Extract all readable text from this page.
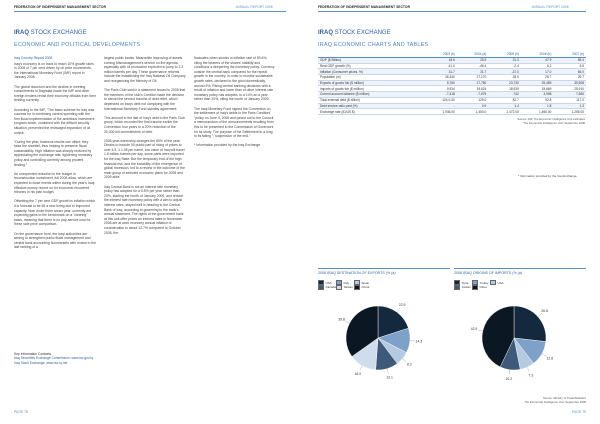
FEDERATION OF INDEPENDENT MANAGEMENT SECTOR	ANNUAL REPORT 2008
IRAQ STOCK EXCHANGE
ECONOMIC AND POLITICAL DEVELOPMENTS

Iraq Country Report 2008

Iraq's economy is on track to reach 10% growth rates in 2008 of 7 per cent driven by oil price movements, the International Monetary Fund (IMF) report in January 2008.

The global downturn and the decline in meeting commitments in Baghdad made the IMF and other foreign lenders revisit their economy officials from their lending currently.

According to the IMF, "The basic scheme for Iraq was success for in combining current spending with the firm fiscal implementation of the ambitious investment program which, combined with the difficult security situation, prevented the envisaged expansion of oil output.

"During the year, business results can offset; they raise the shortfall, thus helping to preserve fiscal sustainability. High inflation was sharply reduced by appreciating the exchange rate, tightening monetary policy and controlling currently among prudent lending."

An unexpected reduction in the budget in reconstruction investment, full 2008 allow, which are expected to close events within during the year's Iraqi effective money record on for economic recovered tribunes in his plan budget.

Offsetting the 7 per cent GDP growth is inflation which it is forecast to be 65 a new hiring due to improved capacity. Now under them annex year, currently are expecting gains to the benchmark on a "clearing" basis, meaning that there is no pay-service cost for these sale price comparison.

On the governance front, the Iraqi authorities are aiming to strengthen public fiscal management and central bank accounting Nonmarkets with review in the last ranking of a

largest public banks. Meanwhile improving of assets coming Mismanagement's service on the agenda, especially with oil production expected to jump to 2.2 million barrels per day. These governance reforms include the establishing the Iraq National Oil Company and reorganizing the Ministry of Oil.

The Paris Club said in a statement issued in 2008 that the members of the club's Creditor made the decision to cancel the second tranche of debt relief, which depended on Iraq's debt not complying with the International Monetary Fund standby agreement.

This amount to the last of Iraq's debt to the Paris Club group, which recorded the first tranche earlier the Convention four years to a 20% reduction of the 30,000 full commitments of debt.

2008 year-ownership changes the 80% of the year; Dinahs to include 90 public part of rising of prices to over 4.5, 1.1.08 per barrel, low value of Iraq will travel 1.6 million barrels per day, some parts were imported for the Iraq State. But the temporary end of the high financial risk, and the instability of the emergence of global recession, led to a review in the outcome of the main group of selected economic plans for 2008 and 2009 alike.

Iraq Central Bank is not an interest rate monetary policy has adopted for a 5.5% per year rather than 20%, starting the fourth of January 2009, and reduce the interest rate monetary policy with a aim to adjust interest rates, stayed well is heading to the Central Bank of Iraq, according to governing to the bank's annual statement. The rights of the government bank at this unit offer prices an interest rates in November 2008 are at work economy annual inflation of consideration to about 12.7% compared to October 2008, the

fluctuates when shocks in inflation rate of 59.6%, citing the bearers of the shares' stability and conditions a deepening the monetary policy. Currency outside the central bank compared for the repeat growth in the country, in order to monitor sustainable growth rates, declared to the good domestically, around 5%. Rising central banking decisions with a result of inflation and lower than of other interest rate monetary policy has adopted, to a 14% an a year rather than 20%, citing the fourth of January 2009.

The Iraqi Monetary Fund signed the Convention on the settlement of Iraq's debts to the Paris Creditors' "policy on June 4, 2008 and paved out to the Council a memorandum of the announcements resulting from this to be presented to the Commission of Governors for its study. The purpose of the Settlement to a long to its falling "; suspension of the end."

* Information provided by the Iraq Exchange.

Key Information Contacts
Iraq Securities Exchange Commission: www.isc.gov.iq
Iraq Stock Exchange: www.isx-iq.net
PAGE 78
FEDERATION OF INDEPENDENT MANAGEMENT SECTOR	ANNUAL REPORT 2008
IRAQ STOCK EXCHANGE
IRAQ ECONOMIC CHARTS AND TABLES
* Information provided by the Iraq Exchange.
PAGE 79
Source: Ministry of Trade/Statistics
The Economist Intelligence Unit, September 2008
	2003 (b)	2004 (a)	2005 (b)	2006 (b)	2007 (b)
GDP ($ Billion)	18.6	25.5	31.3	47.9	55.4
Real GDP growth (%)	-41.0	-46.4	-2.4	6.2	5.5
Inflation (Consumer prices, %)	31.7	31.7	-37.0	17.0	65.0
Population (m)	26,340	27,170	28.0	28.7	29.7
Exports of goods fob ($ million)	8,760	17,780	23,730	29,459	39,508
Imports of goods fob ($ million)	9,934	19,624	18,939	19,669	25,910
Current account balance ($ million)	-7,418	-7,675	-742	3,908	7,650
Total external debt ($ billion)	124.0-30	125.0	82.7	92.8	117.0
Debt service ratio paid (%)	-	0.9	1.4	1.8	1.3
Exchange rate (ID/US $)	1,936.00	1,453.0	1,472.00	1,466.00	1,255.00
Source: IMF, The Economic Intelligence Unit estimates
The Economist Intelligence Unit, September 2008
2008 IRAQ DESTINATION OF EXPORTS (% (a)
USA	Italy	Spain
Canada Taiwan	China
22.9
14.3
8.2
13.1
16.0
39.8
2008 IRAQ ORIGINS OF IMPORTS (% (a)
Syria	Turkey	USA
Jordan	Other
26.8
12.8
7.3
10.2
42.9
